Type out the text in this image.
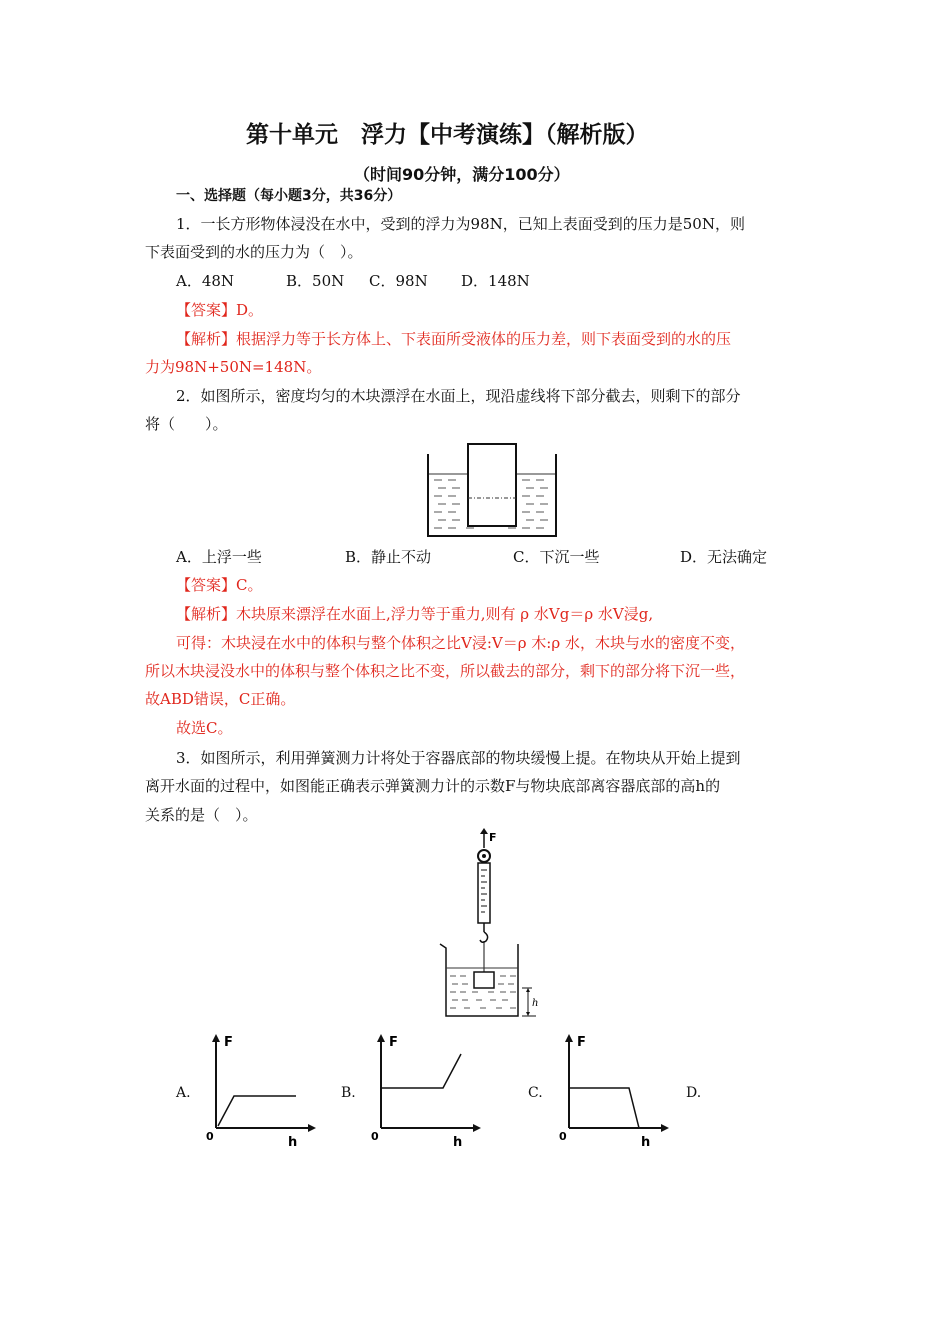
第十单元　浮力【中考演练】（解析版）
（时间90分钟，满分100分）
一、选择题（每小题3分，共36分）
1．一长方形物体浸没在水中，受到的浮力为98N，已知上表面受到的压力是50N，则
下表面受到的水的压力为（　）。
A．48N	B．50N C．98N D．148N
【答案】D。
【解析】根据浮力等于长方体上、下表面所受液体的压力差，则下表面受到的水的压
力为98N+50N=148N。
2．如图所示，密度均匀的木块漂浮在水面上，现沿虚线将下部分截去，则剩下的部分
将（　　）。
A．上浮一些	B．静止不动	C．下沉一些	D．无法确定
【答案】C。
【解析】木块原来漂浮在水面上,浮力等于重力,则有 ρ 水Vg＝ρ 水V浸g,
可得：木块浸在水中的体积与整个体积之比V浸:V＝ρ 木:ρ 水，木块与水的密度不变，
所以木块浸没水中的体积与整个体积之比不变，所以截去的部分，剩下的部分将下沉一些，
故ABD错误，C正确。
故选C。
3．如图所示，利用弹簧测力计将处于容器底部的物块缓慢上提。在物块从开始上提到
离开水面的过程中，如图能正确表示弹簧测力计的示数F与物块底部离容器底部的高h的
关系的是（　）。
F
h
A.	B.	C.	D.
F
h
0
F
h
0
F
h
0
